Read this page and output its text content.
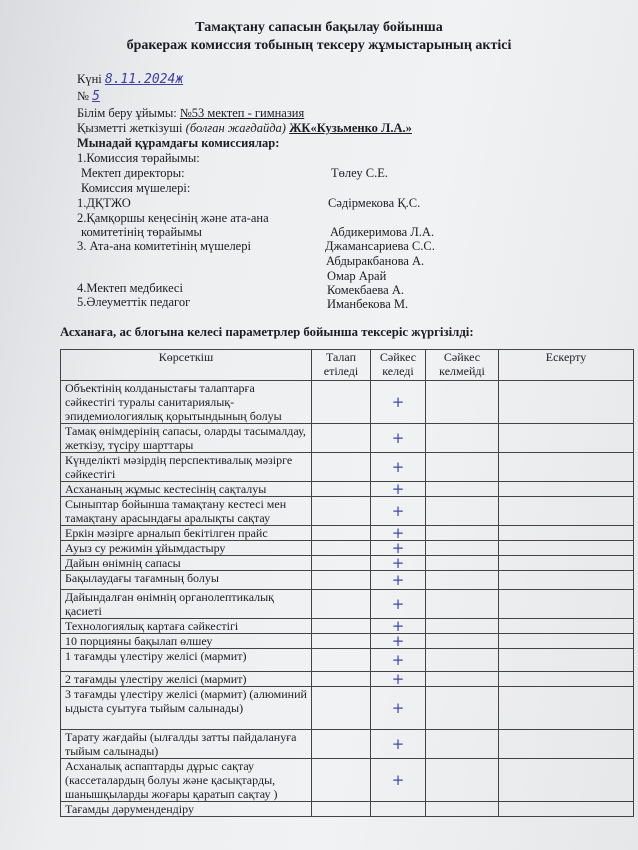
Тамақтану сапасын бақылау бойынша
бракераж комиссия тобының тексеру жұмыстарының актісі
Күні 8.11.2024ж
№ 5
Білім беру ұйымы: №53 мектеп - гимназия
Қызметті жеткізуші (болған жағдайда) ЖК«Кузьменко Л.А.»
Мынадай құрамдағы комиссиялар:
1.Комиссия төрайымы:
Мектеп директоры:	Төлеу С.Е.
Комиссия мүшелері:
1.ДҚТЖО	Сәдірмекова Қ.С.
2.Қамқоршы кеңесінің және ата-ана
комитетінің төрайымы	Абдикеримова Л.А.
3. Ата-ана комитетінің мүшелері	Джамансариева С.С.
Абдыракбанова А.
Омар Арай
4.Мектеп медбикесі	Комекбаева А.
5.Әлеуметтік педагог	Иманбекова М.
Асханаға, ас блогына келесі параметрлер бойынша тексеріс жүргізілді:
Көрсеткіш	Талап етіледі	Сәйкес келеді	Сәйкес келмейді	Ескерту
Объектінің колданыстағы талаптарға сәйкестігі туралы санитариялық-эпидемиологиялық қорытындының болуы		+		
Тамақ өнімдерінің сапасы, оларды тасымалдау, жеткізу, түсіру шарттары		+		
Күнделікті мәзірдің перспективалық мәзірге сәйкестігі		+		
Асхананың жұмыс кестесінің сақталуы		+		
Сыныптар бойынша тамақтану кестесі мен тамақтану арасындағы аралықты сақтау		+		
Еркін мәзірге арналып бекітілген прайс		+		
Ауыз су режимін ұйымдастыру		+		
Дайын өнімнің сапасы		+		
Бақылаудағы тағамның болуы		+		
Дайындалған өнімнің органолептикалық қасиеті		+		
Технологиялық картаға сәйкестігі		+		
10 порцияны бақылап өлшеу		+		
1 тағамды үлестіру желісі (мармит)		+		
2 тағамды үлестіру желісі (мармит)		+		
3 тағамды үлестіру желісі (мармит) (алюминий ыдыста суытуға тыйым салынады)		+		
Тарату жағдайы (ылғалды затты пайдалануға тыйым салынады)		+		
Асханалық аспаптарды дұрыс сақтау (кассеталардың болуы және қасықтарды, шанышқыларды жоғары қаратып сақтау )		+		
Тағамды дәрумендендіру				
